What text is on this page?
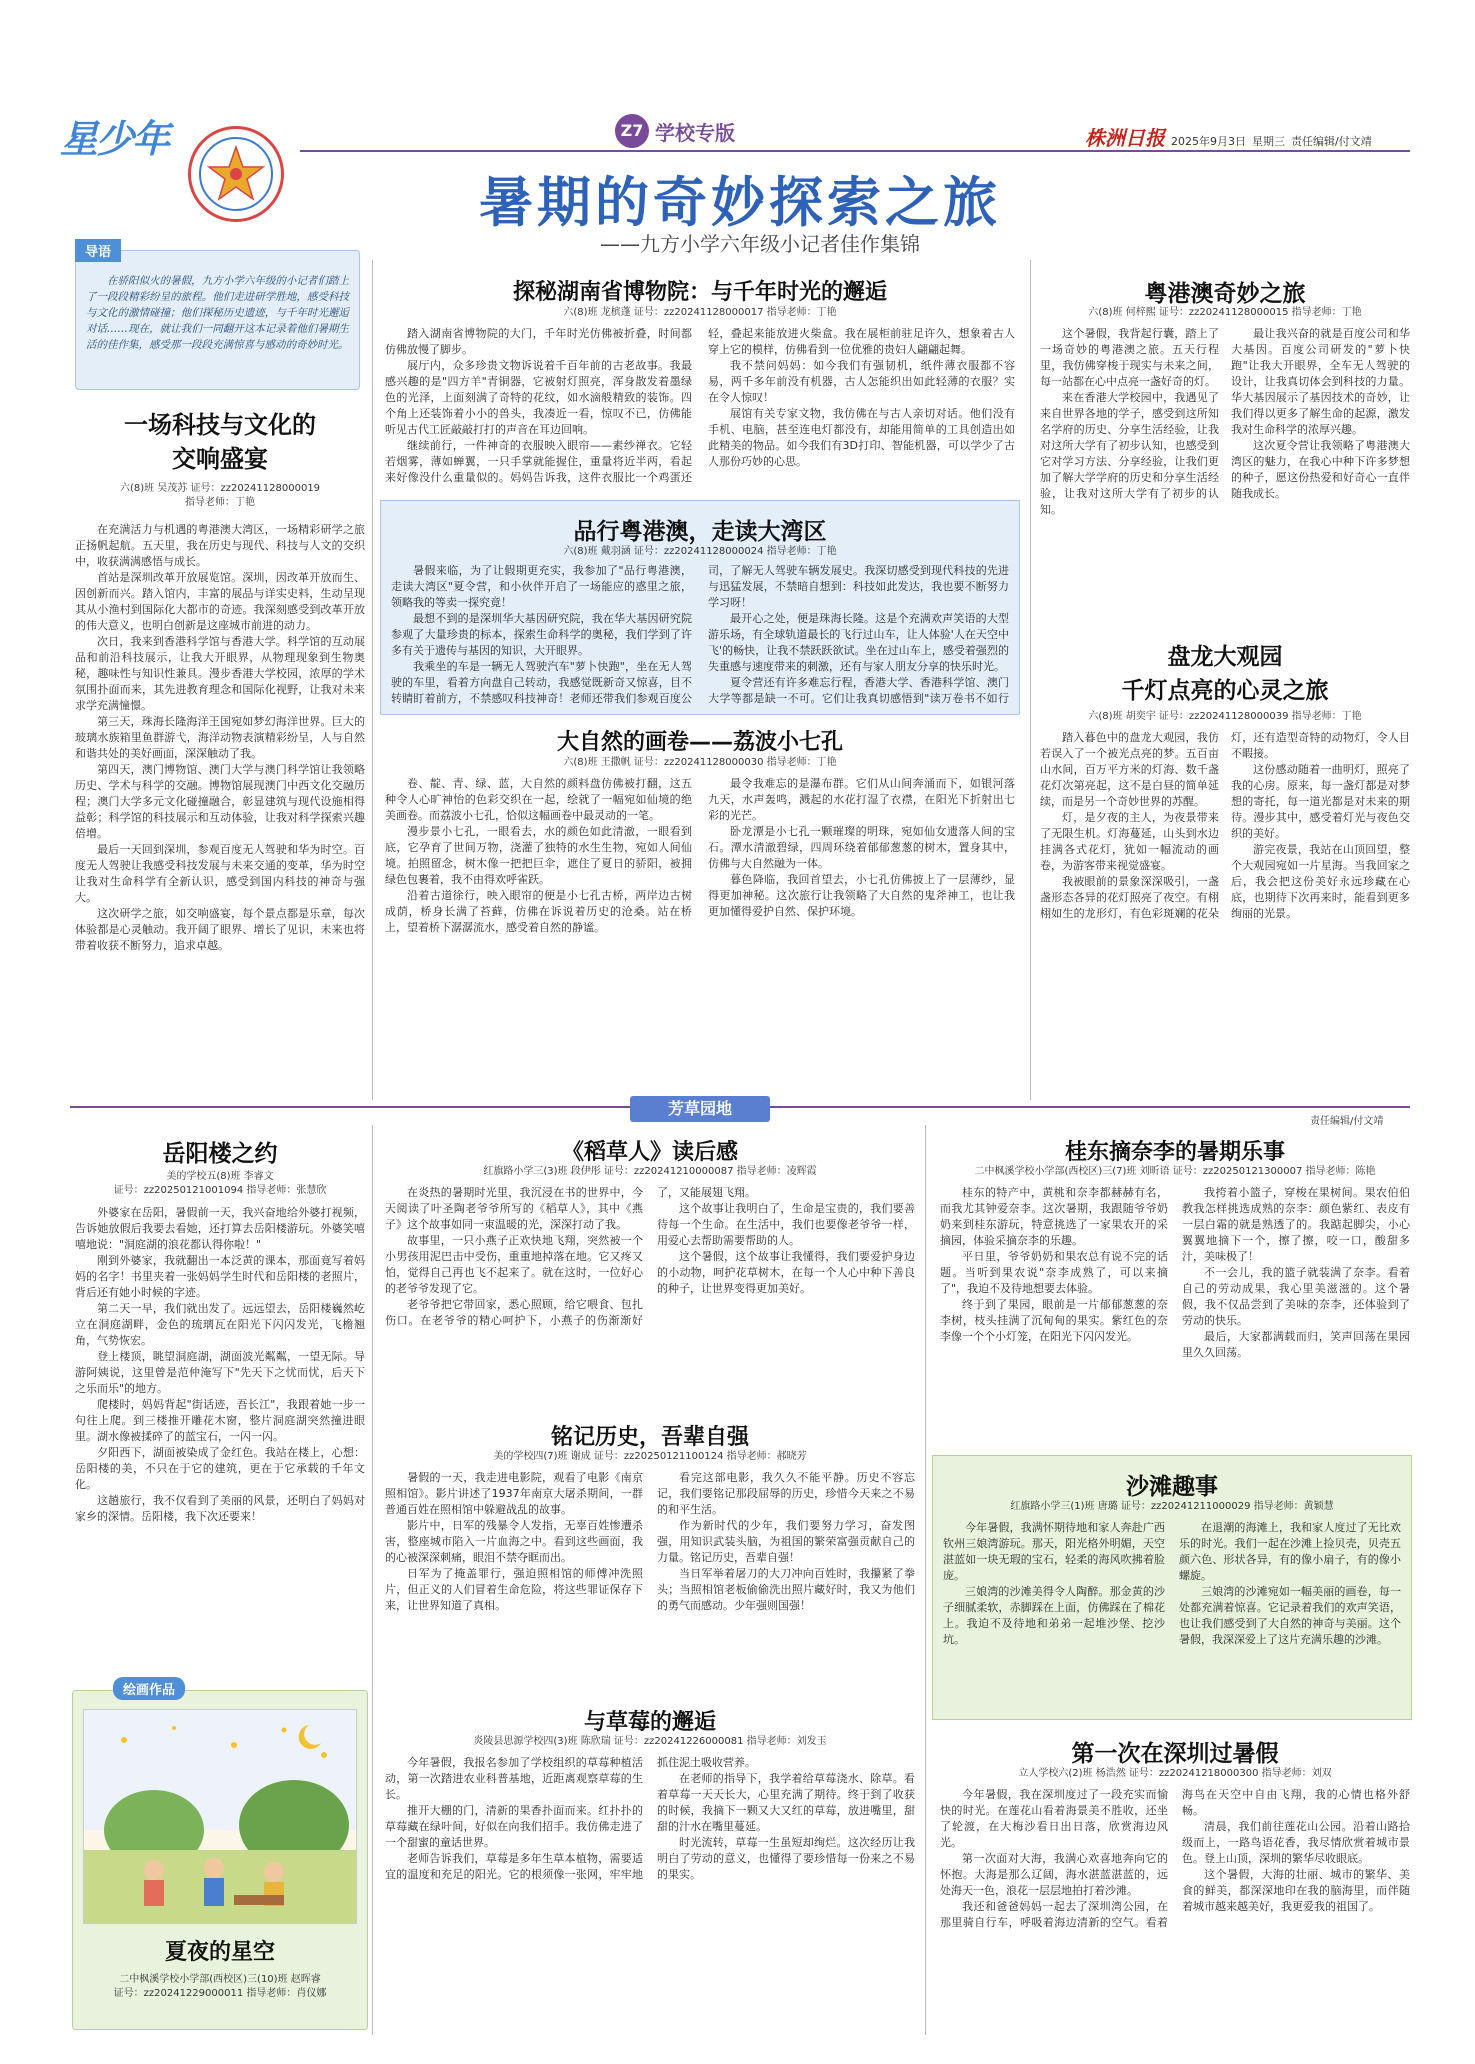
星少年	Z7 学校专版	株洲日报 2025年9月3日 星期三 责任编辑/付文靖
暑期的奇妙探索之旅
——九方小学六年级小记者佳作集锦
导语
在骄阳似火的暑假，九方小学六年级的小记者们踏上了一段段精彩纷呈的旅程。他们走进研学胜地，感受科技与文化的激情碰撞；他们探秘历史遗迹，与千年时光邂逅对话……现在，就让我们一同翻开这本记录着他们暑期生活的佳作集，感受那一段段充满惊喜与感动的奇妙时光。
一场科技与文化的
交响盛宴
六(8)班 吴茂苏 证号：zz20241128000019
指导老师：丁艳

在充满活力与机遇的粤港澳大湾区，一场精彩研学之旅正扬帆起航。五天里，我在历史与现代、科技与人文的交织中，收获满满感悟与成长。

首站是深圳改革开放展览馆。深圳，因改革开放而生、因创新而兴。踏入馆内，丰富的展品与详实史料，生动呈现其从小渔村到国际化大都市的奇迹。我深刻感受到改革开放的伟大意义，也明白创新是这座城市前进的动力。

次日，我来到香港科学馆与香港大学。科学馆的互动展品和前沿科技展示，让我大开眼界，从物理现象到生物奥秘，趣味性与知识性兼具。漫步香港大学校园，浓厚的学术氛围扑面而来，其先进教育理念和国际化视野，让我对未来求学充满憧憬。

第三天，珠海长隆海洋王国宛如梦幻海洋世界。巨大的玻璃水族箱里鱼群游弋，海洋动物表演精彩纷呈，人与自然和谐共处的美好画面，深深触动了我。

第四天，澳门博物馆、澳门大学与澳门科学馆让我领略历史、学术与科学的交融。博物馆展现澳门中西文化交融历程；澳门大学多元文化碰撞融合，彰显建筑与现代设施相得益彰；科学馆的科技展示和互动体验，让我对科学探索兴趣倍增。

最后一天回到深圳，参观百度无人驾驶和华为时空。百度无人驾驶让我感受科技发展与未来交通的变革，华为时空让我对生命科学有全新认识，感受到国内科技的神奇与强大。

这次研学之旅，如交响盛宴，每个景点都是乐章，每次体验都是心灵触动。我开阔了眼界、增长了见识，未来也将带着收获不断努力，追求卓越。

探秘湖南省博物院：与千年时光的邂逅
六(8)班 龙槟蓬 证号：zz20241128000017 指导老师：丁艳

踏入湖南省博物院的大门，千年时光仿佛被折叠，时间都仿佛放慢了脚步。

展厅内，众多珍贵文物诉说着千百年前的古老故事。我最感兴趣的是"四方羊"青铜器，它被射灯照亮，浑身散发着墨绿色的光泽，上面刻满了奇特的花纹，如水滴般精致的装饰。四个角上还装饰着小小的兽头，我凑近一看，惊叹不已，仿佛能听见古代工匠敲敲打打的声音在耳边回响。

继续前行，一件神奇的衣服映入眼帘——素纱禅衣。它轻若烟雾，薄如蝉翼，一只手掌就能握住，重量将近半两，看起来好像没什么重量似的。妈妈告诉我，这件衣服比一个鸡蛋还轻，叠起来能放进火柴盒。我在展柜前驻足许久，想象着古人穿上它的模样，仿佛看到一位优雅的贵妇人翩翩起舞。

我不禁问妈妈：如今我们有强韧机，纸件薄衣服都不容易，两千多年前没有机器，古人怎能织出如此轻薄的衣服？实在令人惊叹！

展馆有关专家文物，我仿佛在与古人亲切对话。他们没有手机、电脑，甚至连电灯都没有，却能用简单的工具创造出如此精美的物品。如今我们有3D打印、智能机器，可以学少了古人那份巧妙的心思。

品行粤港澳，走读大湾区
六(8)班 戴羽涵 证号：zz20241128000024 指导老师：丁艳

暑假来临，为了让假期更充实，我参加了"品行粤港澳，走读大湾区"夏令营，和小伙伴开启了一场能应的惑里之旅，领略我的等卖一探究竟！

最想不到的是深圳华大基因研究院，我在华大基因研究院参观了大量珍贵的标本，探索生命科学的奥秘，我们学到了许多有关于遗传与基因的知识，大开眼界。

我乘坐的车是一辆无人驾驶汽车"萝卜快跑"，坐在无人驾驶的车里，看着方向盘自己转动，我感觉既新奇又惊喜，目不转睛盯着前方，不禁感叹科技神奇！老师还带我们参观百度公司，了解无人驾驶车辆发展史。我深切感受到现代科技的先进与迅猛发展，不禁暗自想到：科技如此发达，我也要不断努力学习呀！

最开心之处，便是珠海长隆。这是个充满欢声笑语的大型游乐场，有全球轨道最长的飞行过山车，让人体验'人在天空中飞'的畅快，让我不禁跃跃欲试。坐在过山车上，感受着强烈的失重感与速度带来的刺激，还有与家人朋友分享的快乐时光。

夏令营还有许多难忘行程，香港大学、香港科学馆、澳门大学等都是缺一不可。它们让我真切感悟到"读万卷书不如行

大自然的画卷——荔波小七孔
六(8)班 王撒帆 证号：zz20241128000030 指导老师：丁艳

卷、靛、青、绿、蓝，大自然的颜料盘仿佛被打翻，这五种令人心旷神怡的色彩交织在一起，绘就了一幅宛如仙境的绝美画卷。而荔波小七孔，恰似这幅画卷中最灵动的一笔。

漫步景小七孔，一眼看去，水的颜色如此清澈，一眼看到底，它孕育了世间万物，浇灌了独特的水生生物，宛如人间仙境。拍照留念，树木像一把把巨伞，遮住了夏日的骄阳，被拥绿色包裹着，我不由得欢呼雀跃。

沿着古道徐行，映入眼帘的便是小七孔古桥，两岸边古树成荫，桥身长满了苔藓，仿佛在诉说着历史的沧桑。站在桥上，望着桥下潺潺流水，感受着自然的静谧。

最令我难忘的是瀑布群。它们从山间奔涌而下，如银河落九天，水声轰鸣，溅起的水花打湿了衣襟，在阳光下折射出七彩的光芒。

卧龙潭是小七孔一颗璀璨的明珠，宛如仙女遗落人间的宝石。潭水清澈碧绿，四周环绕着郁郁葱葱的树木，置身其中，仿佛与大自然融为一体。

暮色降临，我回首望去，小七孔仿佛披上了一层薄纱，显得更加神秘。这次旅行让我领略了大自然的鬼斧神工，也让我更加懂得爱护自然、保护环境。

粤港澳奇妙之旅
六(8)班 何梓熙 证号：zz20241128000015 指导老师：丁艳

这个暑假，我背起行囊，踏上了一场奇妙的粤港澳之旅。五天行程里，我仿佛穿梭于现实与未来之间，每一站都在心中点亮一盏好奇的灯。

来在香港大学校园中，我遇见了来自世界各地的学子，感受到这所知名学府的历史、分享生活经验，让我对这所大学有了初步认知，也感受到它对学习方法、分享经验，让我们更加了解大学学府的历史和分享生活经验，让我对这所大学有了初步的认知。

最让我兴奋的就是百度公司和华大基因。百度公司研发的"萝卜快跑"让我大开眼界，全车无人驾驶的设计，让我真切体会到科技的力量。华大基因展示了基因技术的奇妙，让我们得以更多了解生命的起源，激发我对生命科学的浓厚兴趣。

这次夏令营让我领略了粤港澳大湾区的魅力，在我心中种下许多梦想的种子，愿这份热爱和好奇心一直伴随我成长。

盘龙大观园
千灯点亮的心灵之旅
六(8)班 胡奕宇 证号：zz20241128000039 指导老师：丁艳

踏入暮色中的盘龙大观园，我仿若误入了一个被光点亮的梦。五百亩山水间，百万平方米的灯海、数千盏花灯次第亮起，这不是白昼的简单延续，而是另一个奇妙世界的苏醒。

灯，是夕夜的主人，为夜景带来了无限生机。灯海蔓延，山头到水边挂满各式花灯，犹如一幅流动的画卷，为游客带来视觉盛宴。

我被眼前的景象深深吸引，一盏盏形态各异的花灯照亮了夜空。有栩栩如生的龙形灯，有色彩斑斓的花朵灯，还有造型奇特的动物灯，令人目不暇接。

这份感动随着一曲明灯，照亮了我的心房。原来，每一盏灯都是对梦想的寄托，每一道光都是对未来的期待。漫步其中，感受着灯光与夜色交织的美好。

游完夜景，我站在山顶回望，整个大观园宛如一片星海。当我回家之后，我会把这份美好永远珍藏在心底，也期待下次再来时，能看到更多绚丽的光景。

芳草园地
责任编辑/付文靖
岳阳楼之约
美的学校五(8)班 李睿文
证号：zz20250121001094 指导老师：张慧欣

外婆家在岳阳，暑假前一天，我兴奋地给外婆打视频，告诉她放假后我要去看她，还打算去岳阳楼游玩。外婆笑嘻嘻地说："洞庭湖的浪花都认得你啦！"

刚到外婆家，我就翻出一本泛黄的课本，那面竟写着妈妈的名字！书里夹着一张妈妈学生时代和岳阳楼的老照片，背后还有她小时候的字迹。

第二天一早，我们就出发了。远远望去，岳阳楼巍然屹立在洞庭湖畔，金色的琉璃瓦在阳光下闪闪发光，飞檐翘角，气势恢宏。

登上楼顶，眺望洞庭湖，湖面波光粼粼，一望无际。导游阿姨说，这里曾是范仲淹写下"先天下之忧而忧，后天下之乐而乐"的地方。

爬楼时，妈妈背起"街话迹，吾长江"，我跟着她一步一句往上爬。到三楼推开雕花木窗，整片洞庭湖突然撞进眼里。湖水像被揉碎了的蓝宝石，一闪一闪。

夕阳西下，湖面被染成了金红色。我站在楼上，心想：岳阳楼的美，不只在于它的建筑，更在于它承载的千年文化。

这趟旅行，我不仅看到了美丽的风景，还明白了妈妈对家乡的深情。岳阳楼，我下次还要来！

绘画作品
夏夜的星空
二中枫溪学校小学部(西校区)三(10)班 赵晖睿
证号：zz20241229000011 指导老师：肖仪娜
《稻草人》读后感
红旗路小学三(3)班 段伊彤 证号：zz20241210000087 指导老师：凌辉霞

在炎热的暑期时光里，我沉浸在书的世界中，今天阅读了叶圣陶老爷爷所写的《稻草人》，其中《燕子》这个故事如同一束温暖的光，深深打动了我。

故事里，一只小燕子正欢快地飞翔，突然被一个小男孩用泥巴击中受伤，重重地掉落在地。它又疼又怕，觉得自己再也飞不起来了。就在这时，一位好心的老爷爷发现了它。

老爷爷把它带回家，悉心照顾，给它喂食、包扎伤口。在老爷爷的精心呵护下，小燕子的伤渐渐好了，又能展翅飞翔。

这个故事让我明白了，生命是宝贵的，我们要善待每一个生命。在生活中，我们也要像老爷爷一样，用爱心去帮助需要帮助的人。

这个暑假，这个故事让我懂得，我们要爱护身边的小动物，呵护花草树木，在每一个人心中种下善良的种子，让世界变得更加美好。

铭记历史，吾辈自强
美的学校四(7)班 谢成 证号：zz20250121100124 指导老师：郝晓芳

暑假的一天，我走进电影院，观看了电影《南京照相馆》。影片讲述了1937年南京大屠杀期间，一群普通百姓在照相馆中躲避战乱的故事。

影片中，日军的残暴令人发指，无辜百姓惨遭杀害，整座城市陷入一片血海之中。看到这些画面，我的心被深深刺痛，眼泪不禁夺眶而出。

日军为了掩盖罪行，强迫照相馆的师傅冲洗照片，但正义的人们冒着生命危险，将这些罪证保存下来，让世界知道了真相。

看完这部电影，我久久不能平静。历史不容忘记，我们要铭记那段屈辱的历史，珍惜今天来之不易的和平生活。

作为新时代的少年，我们要努力学习，奋发图强，用知识武装头脑，为祖国的繁荣富强贡献自己的力量。铭记历史，吾辈自强！

当日军举着屠刀的大刀冲向百姓时，我攥紧了拳头；当照相馆老板偷偷洗出照片藏好时，我又为他们的勇气而感动。少年强则国强！

与草莓的邂逅
炎陵县思源学校四(3)班 陈欣瑞 证号：zz20241226000081 指导老师：刘发玉

今年暑假，我报名参加了学校组织的草莓种植活动，第一次踏进农业科普基地，近距离观察草莓的生长。

推开大棚的门，清新的果香扑面而来。红扑扑的草莓藏在绿叶间，好似在向我们招手。我仿佛走进了一个甜蜜的童话世界。

老师告诉我们，草莓是多年生草本植物，需要适宜的温度和充足的阳光。它的根须像一张网，牢牢地抓住泥土吸收营养。

在老师的指导下，我学着给草莓浇水、除草。看着草莓一天天长大，心里充满了期待。终于到了收获的时候，我摘下一颗又大又红的草莓，放进嘴里，甜甜的汁水在嘴里蔓延。

时光流转，草莓一生虽短却绚烂。这次经历让我明白了劳动的意义，也懂得了要珍惜每一份来之不易的果实。

桂东摘奈李的暑期乐事
二中枫溪学校小学部(西校区)三(7)班 刘昕语 证号：zz20250121300007 指导老师：陈艳

桂东的特产中，黄桃和奈李都赫赫有名，而我尤其钟爱奈李。这次暑期，我跟随爷爷奶奶来到桂东游玩，特意挑选了一家果农开的采摘园，体验采摘奈李的乐趣。

平日里，爷爷奶奶和果农总有说不完的话题。当听到果农说"奈李成熟了，可以来摘了"，我迫不及待地想要去体验。

终于到了果园，眼前是一片郁郁葱葱的奈李树，枝头挂满了沉甸甸的果实。紫红色的奈李像一个个小灯笼，在阳光下闪闪发光。

我挎着小篮子，穿梭在果树间。果农伯伯教我怎样挑选成熟的奈李：颜色紫红、表皮有一层白霜的就是熟透了的。我踮起脚尖，小心翼翼地摘下一个，擦了擦，咬一口，酸甜多汁，美味极了！

不一会儿，我的篮子就装满了奈李。看着自己的劳动成果，我心里美滋滋的。这个暑假，我不仅品尝到了美味的奈李，还体验到了劳动的快乐。

最后，大家都满载而归，笑声回荡在果园里久久回荡。

沙滩趣事
红旗路小学三(1)班 唐璐 证号：zz20241211000029 指导老师：黄颖慧

今年暑假，我满怀期待地和家人奔赴广西钦州三娘湾游玩。那天，阳光格外明媚，天空湛蓝如一块无瑕的宝石，轻柔的海风吹拂着脸庞。

三娘湾的沙滩美得令人陶醉。那金黄的沙子细腻柔软，赤脚踩在上面，仿佛踩在了棉花上。我迫不及待地和弟弟一起堆沙堡、挖沙坑。

在退潮的海滩上，我和家人度过了无比欢乐的时光。我们一起在沙滩上捡贝壳，贝壳五颜六色、形状各异，有的像小扇子，有的像小螺旋。

三娘湾的沙滩宛如一幅美丽的画卷，每一处都充满着惊喜。它记录着我们的欢声笑语，也让我们感受到了大自然的神奇与美丽。这个暑假，我深深爱上了这片充满乐趣的沙滩。

第一次在深圳过暑假
立人学校六(2)班 杨浩然 证号：zz20241218000300 指导老师：刘双

今年暑假，我在深圳度过了一段充实而愉快的时光。在莲花山看着海景美不胜收，还坐了轮渡，在大梅沙看日出日落，欣赏海边风光。

第一次面对大海，我满心欢喜地奔向它的怀抱。大海是那么辽阔，海水湛蓝湛蓝的，远处海天一色，浪花一层层地拍打着沙滩。

我还和爸爸妈妈一起去了深圳湾公园，在那里骑自行车，呼吸着海边清新的空气。看着海鸟在天空中自由飞翔，我的心情也格外舒畅。

清晨，我们前往莲花山公园。沿着山路拾级而上，一路鸟语花香，我尽情欣赏着城市景色。登上山顶，深圳的繁华尽收眼底。

这个暑假，大海的壮丽、城市的繁华、美食的鲜美，都深深地印在我的脑海里，而伴随着城市越来越美好，我更爱我的祖国了。
